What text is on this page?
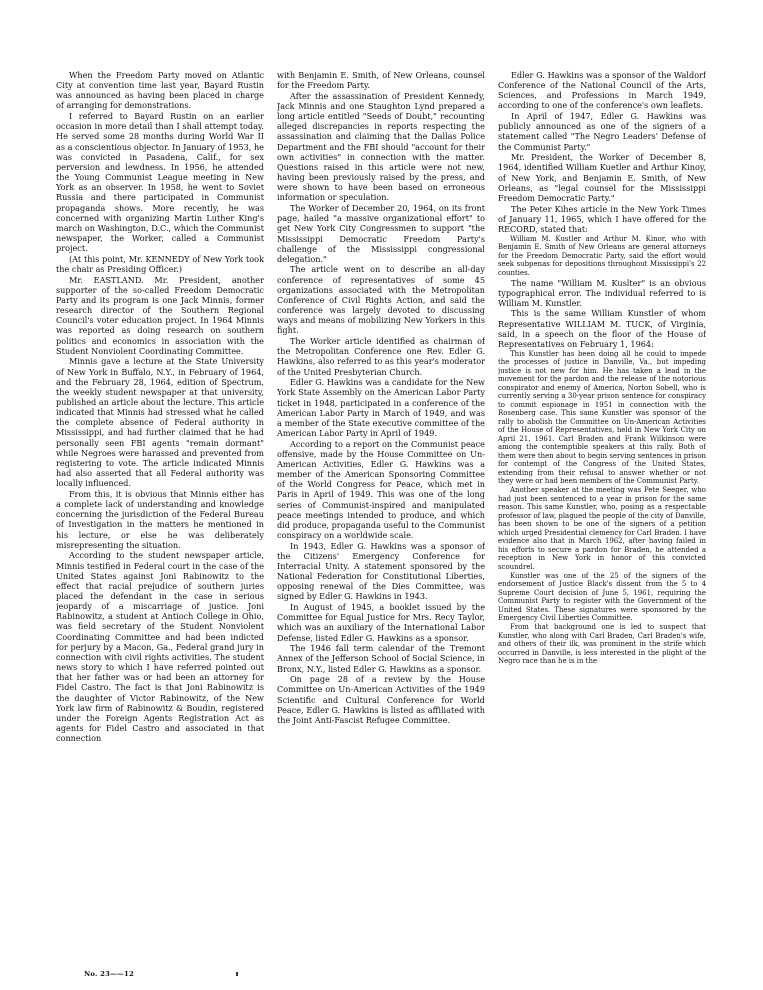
When the Freedom Party moved on Atlantic City at convention time last year, Bayard Rustin was announced as having been placed in charge of arranging for demonstrations.

I referred to Bayard Rustin on an earlier occasion in more detail than I shall attempt today. He served some 28 months during World War II as a conscientious objector. In January of 1953, he was convicted in Pasadena, Calif., for sex perversion and lewdness. In 1956, he attended the Young Communist League meeting in New York as an observer. In 1958, he went to Soviet Russia and there participated in Communist propaganda shows. More recently, he was concerned with organizing Martin Luther King's march on Washington, D.C., which the Communist newspaper, the Worker, called a Communist project.

(At this point, Mr. KENNEDY of New York took the chair as Presiding Officer.)

Mr. EASTLAND. Mr. President, another supporter of the so-called Freedom Democratic Party and its program is one Jack Minnis, former research director of the Southern Regional Council's voter education project. In 1964 Minnis was reported as doing research on southern politics and economics in association with the Student Nonviolent Coordinating Committee.

Minnis gave a lecture at the State University of New York in Buffalo, N.Y., in February of 1964, and the February 28, 1964, edition of Spectrum, the weekly student newspaper at that university, published an article about the lecture. This article indicated that Minnis had stressed what he called the complete absence of Federal authority in Mississippi, and had further claimed that he had personally seen FBI agents "remain dormant" while Negroes were harassed and prevented from registering to vote. The article indicated Minnis had also asserted that all Federal authority was locally influenced.

From this, it is obvious that Minnis either has a complete lack of understanding and knowledge concerning the jurisdiction of the Federal Bureau of Investigation in the matters he mentioned in his lecture, or else he was deliberately misrepresenting the situation.

According to the student newspaper article, Minnis testified in Federal court in the case of the United States against Joni Rabinowitz to the effect that racial prejudice of southern juries placed the defendant in the case in serious jeopardy of a miscarriage of justice. Joni Rabinowitz, a student at Antioch College in Ohio, was field secretary of the Student Nonviolent Coordinating Committee and had been indicted for perjury by a Macon, Ga., Federal grand jury in connection with civil rights activities. The student news story to which I have referred pointed out that her father was or had been an attorney for Fidel Castro. The fact is that Joni Rabinowitz is the daughter of Victor Rabinowitz, of the New York law firm of Rabinowitz & Boudin, registered under the Foreign Agents Registration Act as agents for Fidel Castro and associated in that connection

with Benjamin E. Smith, of New Orleans, counsel for the Freedom Party.

After the assassination of President Kennedy, Jack Minnis and one Staughton Lynd prepared a long article entitled "Seeds of Doubt," recounting alleged discrepancies in reports respecting the assassination and claiming that the Dallas Police Department and the FBI should "account for their own activities" in connection with the matter. Questions raised in this article were not new, having been previously raised by the press, and were shown to have been based on erroneous information or speculation.

The Worker of December 20, 1964, on its front page, hailed "a massive organizational effort" to get New York City Congressmen to support "the Mississippi Democratic Freedom Party's challenge of the Mississippi congressional delegation."

The article went on to describe an all-day conference of representatives of some 45 organizations associated with the Metropolitan Conference of Civil Rights Action, and said the conference was largely devoted to discussing ways and means of mobilizing New Yorkers in this fight.

The Worker article identified as chairman of the Metropolitan Conference one Rev. Edler G. Hawkins, also referred to as this year's moderator of the United Presbyterian Church.

Edler G. Hawkins was a candidate for the New York State Assembly on the American Labor Party ticket in 1948, participated in a conference of the American Labor Party in March of 1949, and was a member of the State executive committee of the American Labor Party in April of 1949.

According to a report on the Communist peace offensive, made by the House Committee on Un-American Activities, Edler G. Hawkins was a member of the American Sponsoring Committee of the World Congress for Peace, which met in Paris in April of 1949. This was one of the long series of Communist-inspired and manipulated peace meetings intended to produce, and which did produce, propaganda useful to the Communist conspiracy on a worldwide scale.

In 1943, Edler G. Hawkins was a sponsor of the Citizens' Emergency Conference for Interracial Unity. A statement sponsored by the National Federation for Constitutional Liberties, opposing renewal of the Dies Committee, was signed by Edler G. Hawkins in 1943.

In August of 1945, a booklet issued by the Committee for Equal Justice for Mrs. Recy Taylor, which was an auxiliary of the International Labor Defense, listed Edler G. Hawkins as a sponsor.

The 1946 fall term calendar of the Tremont Annex of the Jefferson School of Social Science, in Bronx, N.Y., listed Edler G. Hawkins as a sponsor.

On page 28 of a review by the House Committee on Un-American Activities of the 1949 Scientific and Cultural Conference for World Peace, Edler G. Hawkins is listed as affiliated with the Joint Anti-Fascist Refugee Committee.

Edler G. Hawkins was a sponsor of the Waldorf Conference of the National Council of the Arts, Sciences, and Professions in March 1949, according to one of the conference's own leaflets.

In April of 1947, Edler G. Hawkins was publicly announced as one of the signers of a statement called "The Negro Leaders' Defense of the Communist Party."

Mr. President, the Worker of December 8, 1964, identified William Kuetler and Arthur Kinoy, of New York, and Benjamin E. Smith, of New Orleans, as "legal counsel for the Mississippi Freedom Democratic Party."

The Peter Kihes article in the New York Times of January 11, 1965, which I have offered for the RECORD, stated that:

William M. Kustler and Arthur M. Kinor, who with Benjamin E. Smith of New Orleans are general attorneys for the Freedom Democratic Party, said the effort would seek subpenas for depositions throughout Mississippi's 22 counties.

The name "William M. Kuslter" is an obvious typographical error. The individual referred to is William M. Kunstler.

This is the same William Kunstler of whom Representative WILLIAM M. TUCK, of Virginia, said, in a speech on the floor of the House of Representatives on February 1, 1964:

This Kunstler has been doing all he could to impede the processes of justice in Danville, Va., but impeding justice is not new for him. He has taken a lead in the movement for the pardon and the release of the notorious conspirator and enemy of America, Norton Sobell, who is currently serving a 30-year prison sentence for conspiracy to commit espionage in 1951 in connection with the Rosenberg case. This same Kunstler was sponsor of the rally to abolish the Committee on Un-American Activities of the House of Representatives, held in New York City on April 21, 1961. Carl Braden and Frank Wilkinson were among the contemptible speakers at this rally. Both of them were then about to begin serving sentences in prison for contempt of the Congress of the United States, extending from their refusal to answer whether or not they were or had been members of the Communist Party.

Another speaker at the meeting was Pete Seeger, who had just been sentenced to a year in prison for the same reason. This same Kunstler, who, posing as a respectable professor of law, plagued the people of the city of Danville, has been shown to be one of the signers of a petition which urged Presidential clemency for Carl Braden. I have evidence also that in March 1962, after having failed in his efforts to secure a pardon for Braden, he attended a reception in New York in honor of this convicted scoundrel.

Kunstler was one of the 25 of the signers of the endorsement of Justice Black's dissent from the 5 to 4 Supreme Court decision of June 5, 1961, requiring the Communist Party to register with the Government of the United States. These signatures were sponsored by the Emergency Civil Liberties Committee.

From that background one is led to suspect that Kunstler, who along with Carl Braden, Carl Braden's wife, and others of their ilk, was prominent in the strife which occurred in Danville, is less interested in the plight of the Negro race than he is in the

No. 23——12
